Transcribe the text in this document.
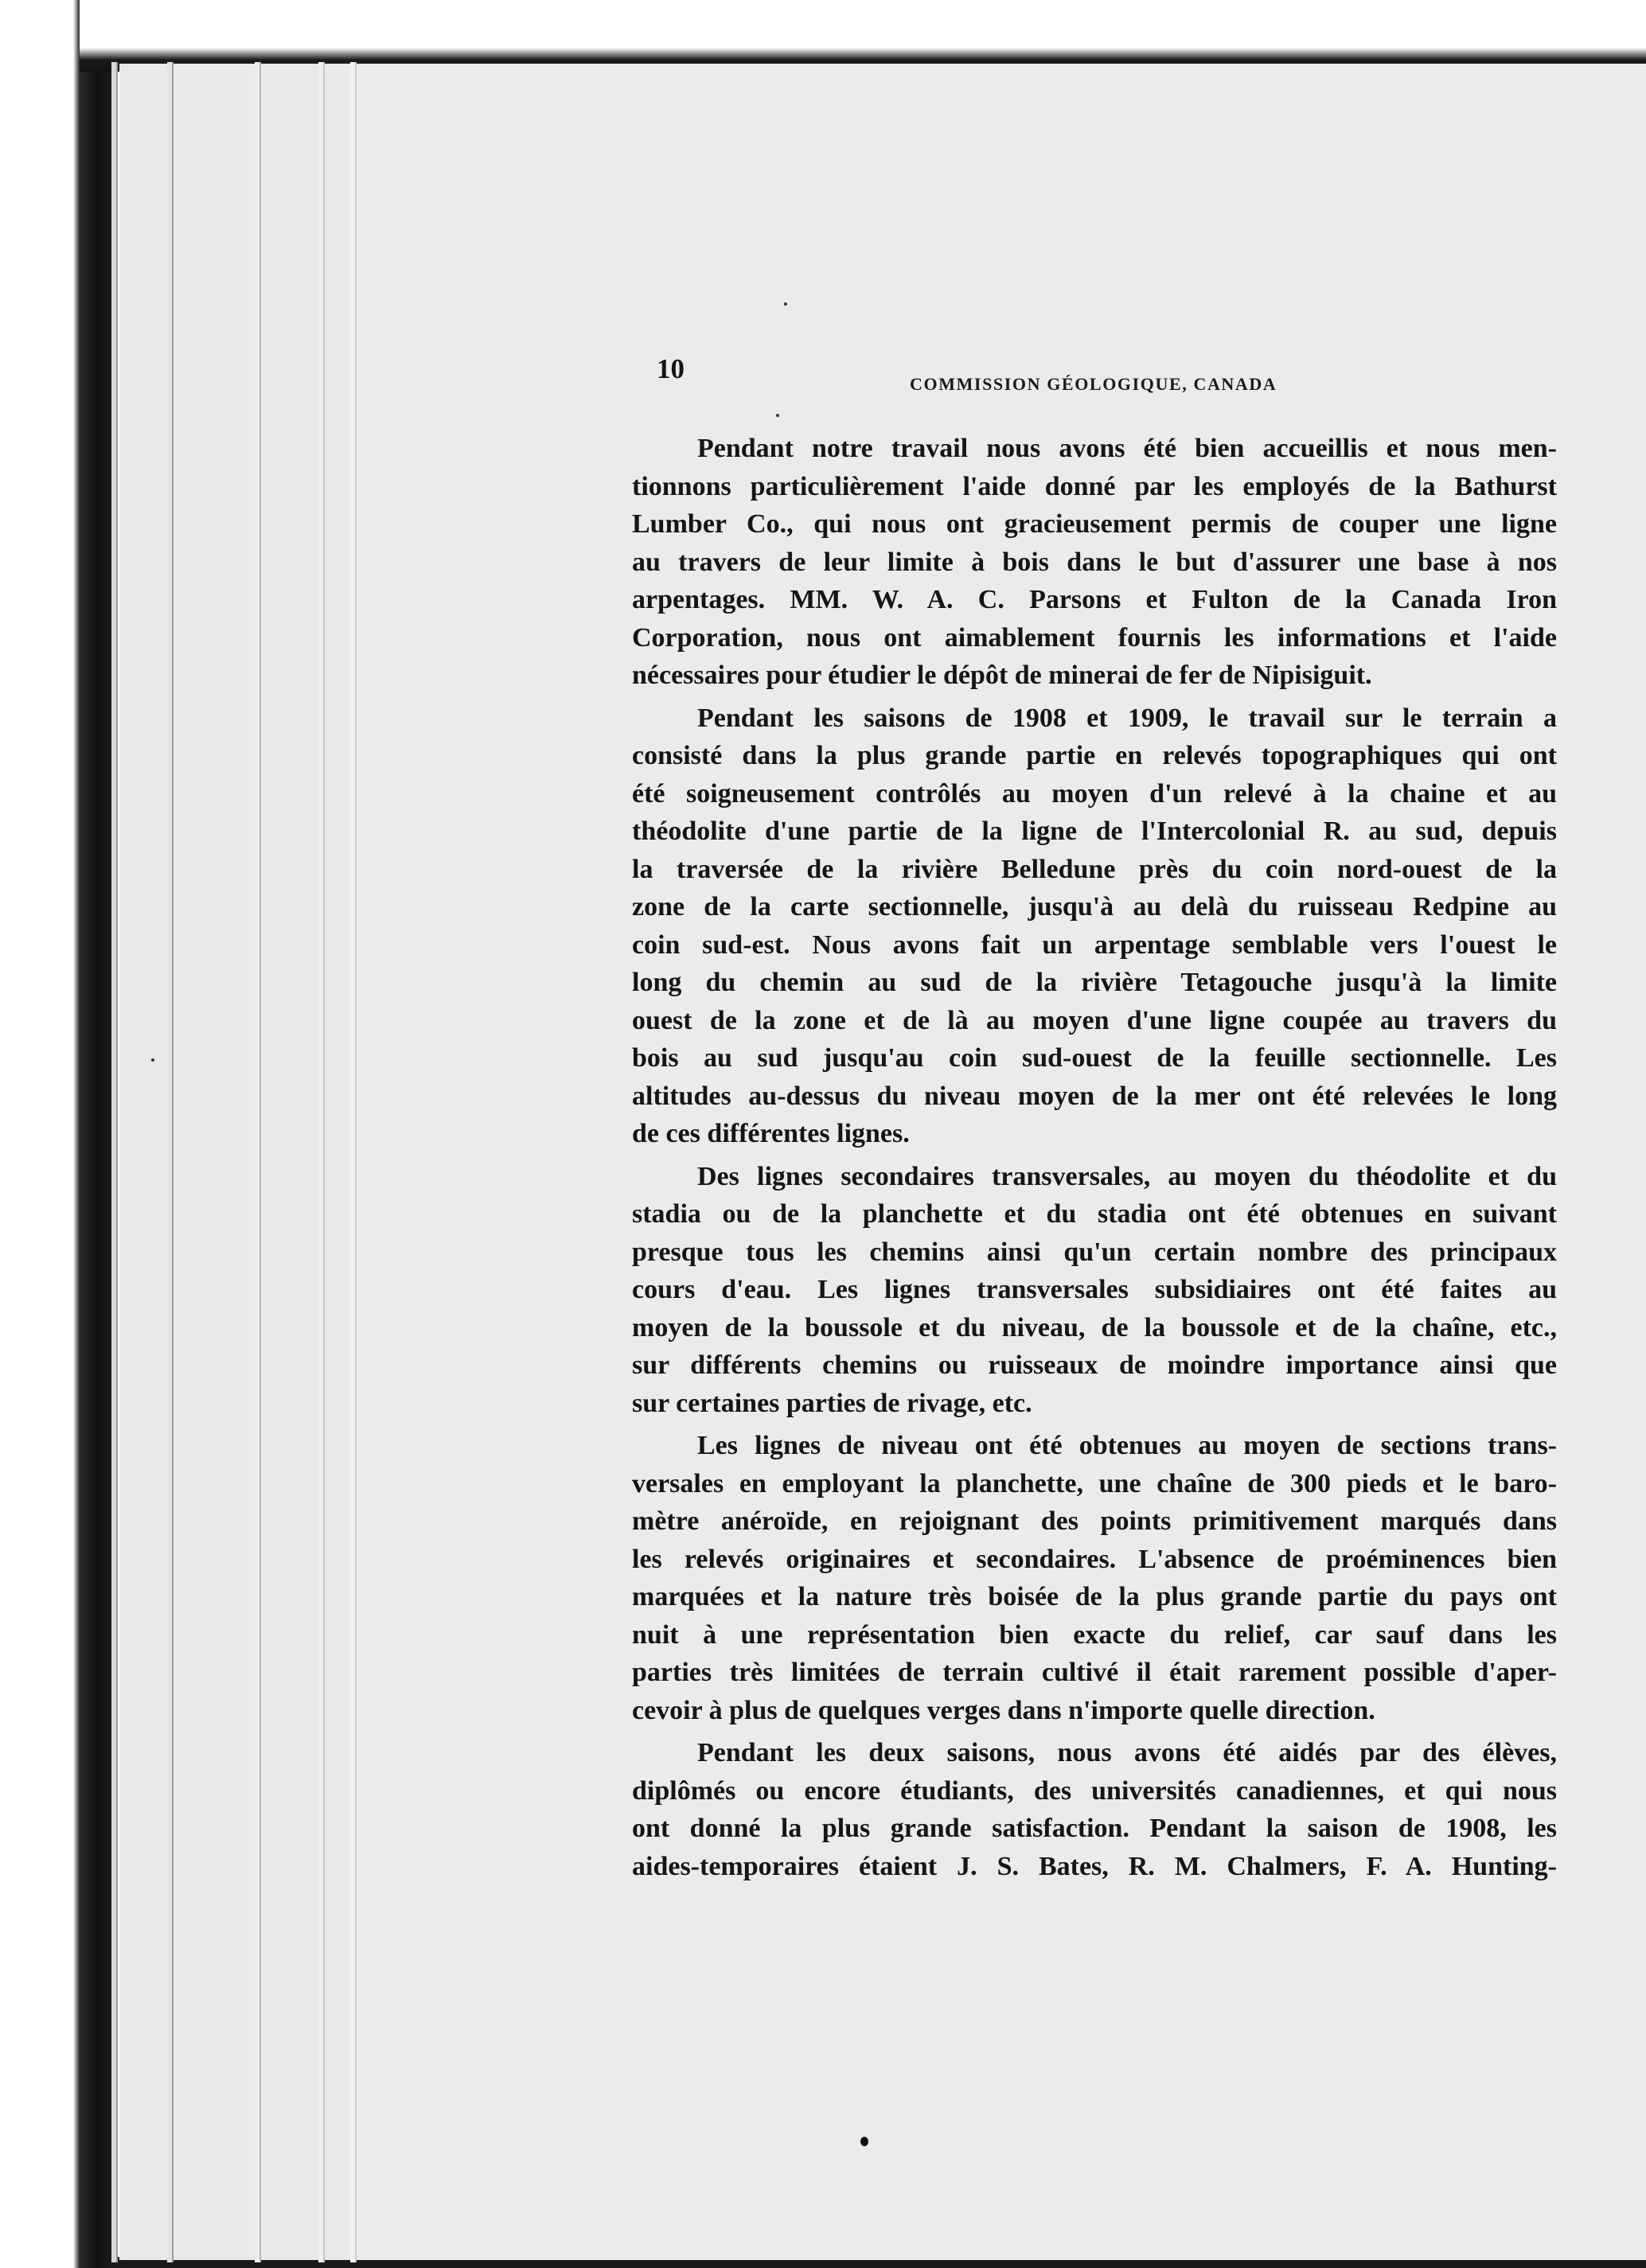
10	COMMISSION GÉOLOGIQUE, CANADA

Pendant notre travail nous avons été bien accueillis et nous men-
tionnons particulièrement l'aide donné par les employés de la Bathurst
Lumber Co., qui nous ont gracieusement permis de couper une ligne
au travers de leur limite à bois dans le but d'assurer une base à nos
arpentages. MM. W. A. C. Parsons et Fulton de la Canada Iron
Corporation, nous ont aimablement fournis les informations et l'aide
nécessaires pour étudier le dépôt de minerai de fer de Nipisiguit.

Pendant les saisons de 1908 et 1909, le travail sur le terrain a
consisté dans la plus grande partie en relevés topographiques qui ont
été soigneusement contrôlés au moyen d'un relevé à la chaine et au
théodolite d'une partie de la ligne de l'Intercolonial R. au sud, depuis
la traversée de la rivière Belledune près du coin nord-ouest de la
zone de la carte sectionnelle, jusqu'à au delà du ruisseau Redpine au
coin sud-est. Nous avons fait un arpentage semblable vers l'ouest le
long du chemin au sud de la rivière Tetagouche jusqu'à la limite
ouest de la zone et de là au moyen d'une ligne coupée au travers du
bois au sud jusqu'au coin sud-ouest de la feuille sectionnelle. Les
altitudes au-dessus du niveau moyen de la mer ont été relevées le long
de ces différentes lignes.

Des lignes secondaires transversales, au moyen du théodolite et du
stadia ou de la planchette et du stadia ont été obtenues en suivant
presque tous les chemins ainsi qu'un certain nombre des principaux
cours d'eau. Les lignes transversales subsidiaires ont été faites au
moyen de la boussole et du niveau, de la boussole et de la chaîne, etc.,
sur différents chemins ou ruisseaux de moindre importance ainsi que
sur certaines parties de rivage, etc.

Les lignes de niveau ont été obtenues au moyen de sections trans-
versales en employant la planchette, une chaîne de 300 pieds et le baro-
mètre anéroïde, en rejoignant des points primitivement marqués dans
les relevés originaires et secondaires. L'absence de proéminences bien
marquées et la nature très boisée de la plus grande partie du pays ont
nuit à une représentation bien exacte du relief, car sauf dans les
parties très limitées de terrain cultivé il était rarement possible d'aper-
cevoir à plus de quelques verges dans n'importe quelle direction.

Pendant les deux saisons, nous avons été aidés par des élèves,
diplômés ou encore étudiants, des universités canadiennes, et qui nous
ont donné la plus grande satisfaction. Pendant la saison de 1908, les
aides-temporaires étaient J. S. Bates, R. M. Chalmers, F. A. Hunting-
